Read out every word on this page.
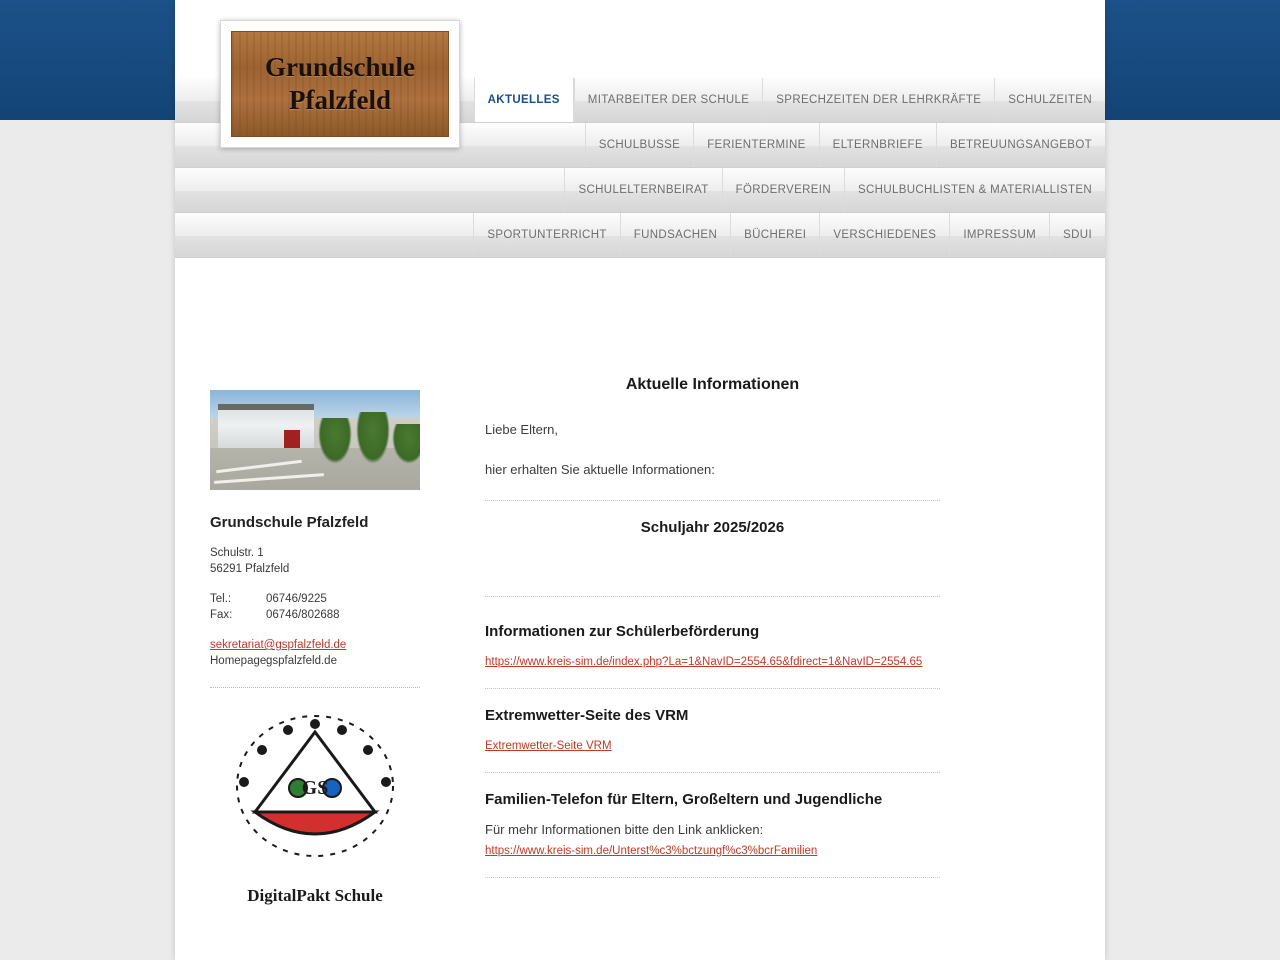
AKTUELLES	MITARBEITER DER SCHULE	SPRECHZEITEN DER LEHRKRÄFTE	SCHULZEITEN
SCHULBUSSE	FERIENTERMINE	ELTERNBRIEFE	BETREUUNGSANGEBOT
SCHULELTERNBEIRAT	FÖRDERVEREIN	SCHULBUCHLISTEN & MATERIALLISTEN
SPORTUNTERRICHT	FUNDSACHEN	BÜCHEREI	VERSCHIEDENES	IMPRESSUM	SDUI
Grundschule Pfalzfeld
Schulstr. 1
56291 Pfalzfeld
Tel.:	06746/9225
Fax:	06746/802688
sekretariat@gspfalzfeld.de
Homepage:
gspfalzfeld.de
GS
DigitalPakt Schule
Aktuelle Informationen

Liebe Eltern,

hier erhalten Sie aktuelle Informationen:

Schuljahr 2025/2026
Informationen zur Schülerbeförderung
https://www.kreis-sim.de/index.php?La=1&NavID=2554.65&fdirect=1&NavID=2554.65
Extremwetter-Seite des VRM
Extremwetter-Seite VRM
Familien-Telefon für Eltern, Großeltern und Jugendliche

Für mehr Informationen bitte den Link anklicken:

https://www.kreis-sim.de/Unterst%c3%bctzungf%c3%bcrFamilien
Grundschule
Pfalzfeld
